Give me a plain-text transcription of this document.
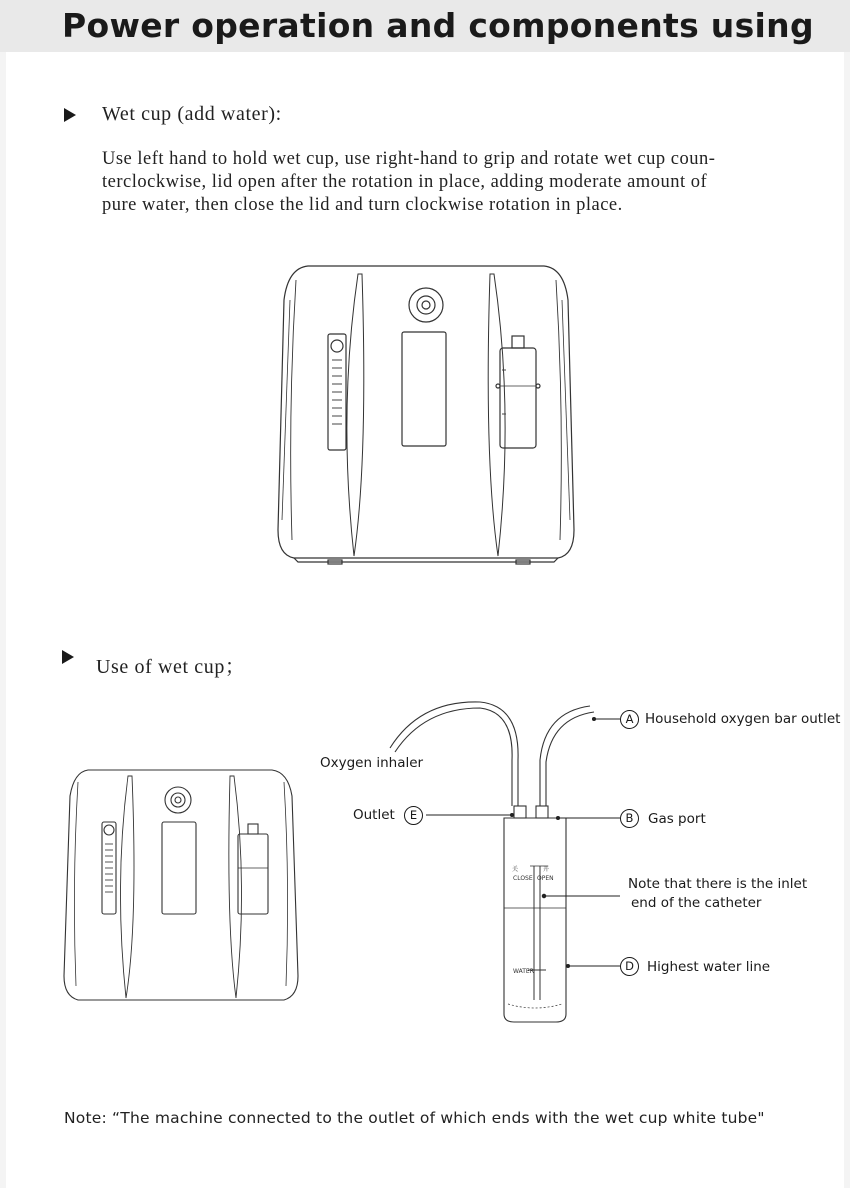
Power operation and components using
Wet cup (add water):
Use left hand to hold wet cup, use right-hand to grip and rotate wet cup coun-
terclockwise, lid open after the rotation in place, adding moderate amount of
pure water, then close the lid and turn clockwise rotation in place.
Use of wet cup；
关	开
CLOSE OPEN
WATER
A Household oxygen bar outlet
Oxygen inhaler
Outlet	E	B	Gas port
Note that there is the inlet
end of the catheter
D Highest water line
Note: “The machine connected to the outlet of which ends with the wet cup white tube"
